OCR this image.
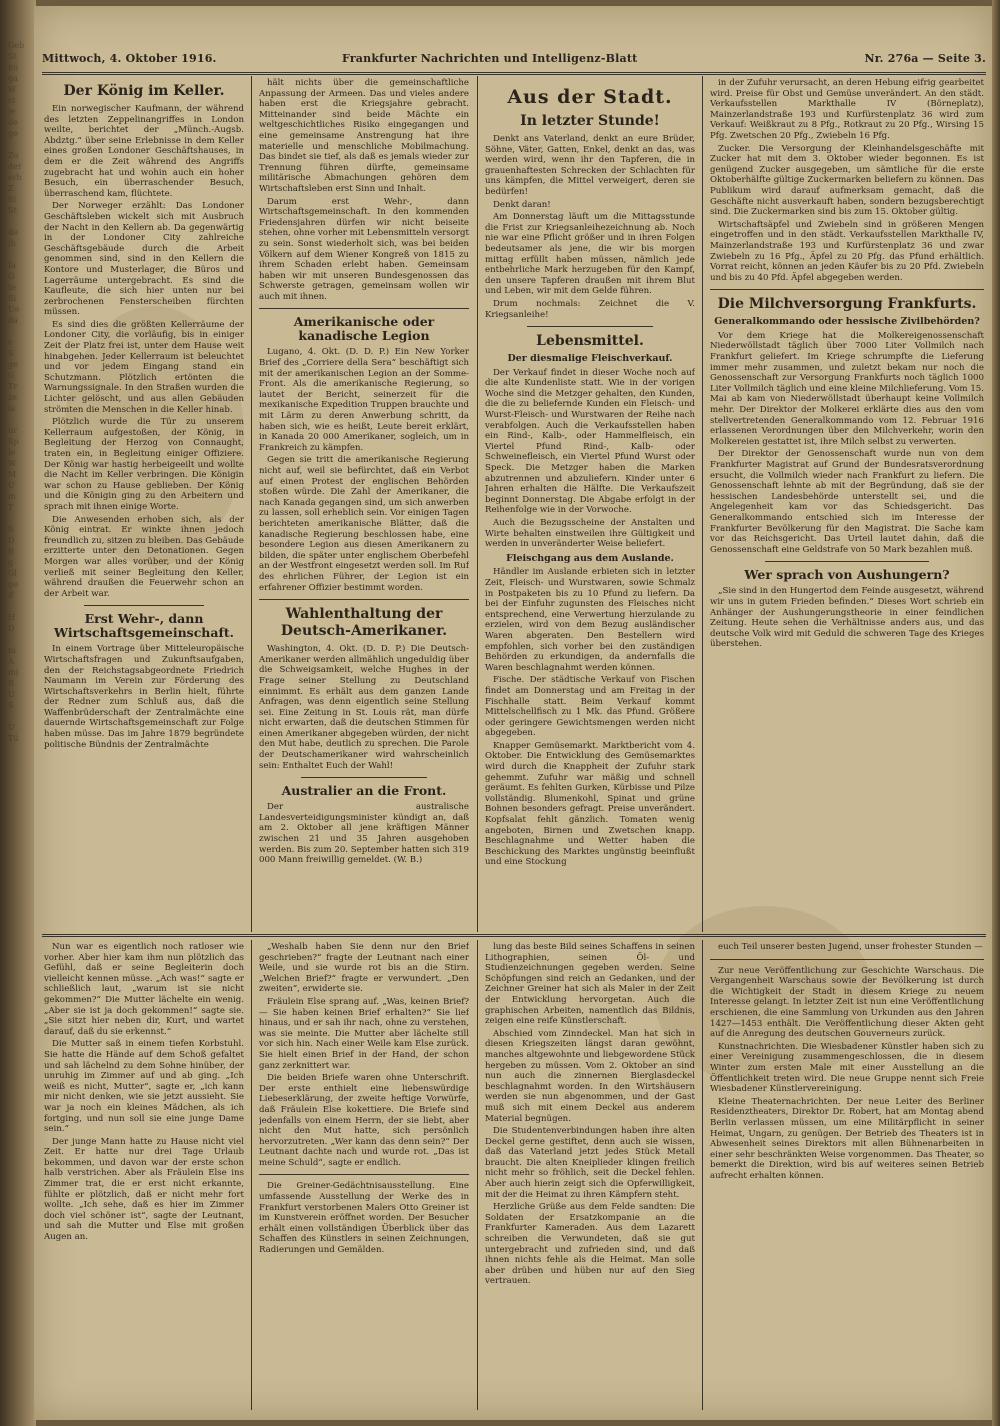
Geb
St
nü
ga
W
st
je
de
ge

Zu
der
erh
Z
Si
St

de
ih

fa
G
te
Si
Ue
da

v
S
ge
G
Tr
ze
la

ur
Sp
le
W
M
U
in
T

fi
D
B
g
Gl
ge
if

H
D

ni
A
mi
R
U
S

U
Tü
Mittwoch, 4. Oktober 1916.	Frankfurter Nachrichten und Intelligenz-Blatt	Nr. 276a — Seite 3.
Der König im Keller.

Ein norwegischer Kaufmann, der während des letzten Zeppelinangriffes in London weilte, berichtet der „Münch.-Augsb. Abdztg.“ über seine Erlebnisse in dem Keller eines großen Londoner Geschäftshauses, in dem er die Zeit während des Angriffs zugebracht hat und wohin auch ein hoher Besuch, ein überraschender Besuch, überraschend kam, flüchtete.

Der Norweger erzählt: Das Londoner Geschäftsleben wickelt sich mit Ausbruch der Nacht in den Kellern ab. Da gegenwärtig in der Londoner City zahlreiche Geschäftsgebäude durch die Arbeit genommen sind, sind in den Kellern die Kontore und Musterlager, die Büros und Lagerräume untergebracht. Es sind die Kaufleute, die sich hier unten nur bei zerbrochenen Fensterscheiben fürchten müssen.

Es sind dies die größten Kellerräume der Londoner City, die vorläufig, bis in einiger Zeit der Platz frei ist, unter dem Hause weit hinabgehen. Jeder Kellerraum ist beleuchtet und vor jedem Eingang stand ein Schutzmann. Plötzlich ertönten die Warnungssignale. In den Straßen wurden die Lichter gelöscht, und aus allen Gebäuden strömten die Menschen in die Keller hinab.

Plötzlich wurde die Tür zu unserem Kellerraum aufgestoßen, der König, in Begleitung der Herzog von Connaught, traten ein, in Begleitung einiger Offiziere. Der König war hastig herbeigeeilt und wollte die Nacht im Keller verbringen. Die Königin war schon zu Hause geblieben. Der König und die Königin ging zu den Arbeitern und sprach mit ihnen einige Worte.

Die Anwesenden erhoben sich, als der König eintrat. Er winkte ihnen jedoch freundlich zu, sitzen zu bleiben. Das Gebäude erzitterte unter den Detonationen. Gegen Morgen war alles vorüber, und der König verließ mit seiner Begleitung den Keller, während draußen die Feuerwehr schon an der Arbeit war.

Erst Wehr-, dann Wirtschaftsgemeinschaft.

In einem Vortrage über Mitteleuropäische Wirtschaftsfragen und Zukunftsaufgaben, den der Reichstagsabgeordnete Friedrich Naumann im Verein zur Förderung des Wirtschaftsverkehrs in Berlin hielt, führte der Redner zum Schluß aus, daß die Waffenbrüderschaft der Zentralmächte eine dauernde Wirtschaftsgemeinschaft zur Folge haben müsse. Das im Jahre 1879 begründete politische Bündnis der Zentralmächte

hält nichts über die gemeinschaftliche Anpassung der Armeen. Das und vieles andere haben erst die Kriegsjahre gebracht. Mitteinander sind beide Mächte ein weltgeschichtliches Risiko eingegangen und eine gemeinsame Anstrengung hat ihre materielle und menschliche Mobilmachung. Das bindet sie tief, als daß es jemals wieder zur Trennung führen dürfte, gemeinsame militärische Abmachungen gehören dem Wirtschaftsleben erst Sinn und Inhalt.

Darum erst Wehr-, dann Wirtschaftsgemeinschaft. In den kommenden Friedensjahren dürfen wir nicht beiseite stehen, ohne vorher mit Lebensmitteln versorgt zu sein. Sonst wiederholt sich, was bei beiden Völkern auf dem Wiener Kongreß von 1815 zu ihrem Schaden erlebt haben. Gemeinsam haben wir mit unseren Bundesgenossen das Schwerste getragen, gemeinsam wollen wir auch mit ihnen.

Amerikanische oder kanadische Legion

Lugano, 4. Okt. (D. D. P.) Ein New Yorker Brief des „Corriere della Sera“ beschäftigt sich mit der amerikanischen Legion an der Somme-Front. Als die amerikanische Regierung, so lautet der Bericht, seinerzeit für die mexikanische Expedition Truppen brauchte und mit Lärm zu deren Anwerbung schritt, da haben sich, wie es heißt, Leute bereit erklärt, in Kanada 20 000 Amerikaner, sogleich, um in Frankreich zu kämpfen.

Gegen sie tritt die amerikanische Regierung nicht auf, weil sie befürchtet, daß ein Verbot auf einen Protest der englischen Behörden stoßen würde. Die Zahl der Amerikaner, die nach Kanada gegangen sind, um sich anwerben zu lassen, soll erheblich sein. Vor einigen Tagen berichteten amerikanische Blätter, daß die kanadische Regierung beschlossen habe, eine besondere Legion aus diesen Amerikanern zu bilden, die später unter englischem Oberbefehl an der Westfront eingesetzt werden soll. Im Ruf des ehrlichen Führer, der Legion ist ein erfahrener Offizier bestimmt worden.

Wahlenthaltung der Deutsch-Amerikaner.

Washington, 4. Okt. (D. D. P.) Die Deutsch-Amerikaner werden allmählich ungeduldig über die Schweigsamkeit, welche Hughes in der Frage seiner Stellung zu Deutschland einnimmt. Es erhält aus dem ganzen Lande Anfragen, was denn eigentlich seine Stellung sei. Eine Zeitung in St. Louis rät, man dürfe nicht erwarten, daß die deutschen Stimmen für einen Amerikaner abgegeben würden, der nicht den Mut habe, deutlich zu sprechen. Die Parole der Deutschamerikaner wird wahrscheinlich sein: Enthaltet Euch der Wahl!

Australier an die Front.

Der australische Landesverteidigungsminister kündigt an, daß am 2. Oktober all jene kräftigen Männer zwischen 21 und 35 Jahren ausgehoben werden. Bis zum 20. September hatten sich 319 000 Mann freiwillig gemeldet. (W. B.)

Aus der Stadt.
In letzter Stunde!

Denkt ans Vaterland, denkt an eure Brüder, Söhne, Väter, Gatten, Enkel, denkt an das, was werden wird, wenn ihr den Tapferen, die in grauenhaftesten Schrecken der Schlachten für uns kämpfen, die Mittel verweigert, deren sie bedürfen!

Denkt daran!

Am Donnerstag läuft um die Mittagsstunde die Frist zur Kriegsanleihezeichnung ab. Noch nie war eine Pflicht größer und in ihren Folgen bedeutsamer als jene, die wir bis morgen mittag erfüllt haben müssen, nämlich jede entbehrliche Mark herzugeben für den Kampf, den unsere Tapferen draußen mit ihrem Blut und Leben, wir mit dem Gelde führen.

Drum nochmals: Zeichnet die V. Kriegsanleihe!

Lebensmittel.
Der diesmalige Fleischverkauf.

Der Verkauf findet in dieser Woche noch auf die alte Kundenliste statt. Wie in der vorigen Woche sind die Metzger gehalten, den Kunden, die die zu beliefernde Kunden ein Fleisch- und Wurst-Fleisch- und Wurstwaren der Reihe nach verabfolgen. Auch die Verkaufsstellen haben ein Rind-, Kalb-, oder Hammelfleisch, ein Viertel Pfund Rind-, Kalb- oder Schweinefleisch, ein Viertel Pfund Wurst oder Speck. Die Metzger haben die Marken abzutrennen und abzuliefern. Kinder unter 6 Jahren erhalten die Hälfte. Die Verkaufszeit beginnt Donnerstag. Die Abgabe erfolgt in der Reihenfolge wie in der Vorwoche.

Auch die Bezugsscheine der Anstalten und Wirte behalten einstweilen ihre Gültigkeit und werden in unveränderter Weise beliefert.

Fleischgang aus dem Auslande.

Händler im Auslande erbieten sich in letzter Zeit, Fleisch- und Wurstwaren, sowie Schmalz in Postpaketen bis zu 10 Pfund zu liefern. Da bei der Einfuhr zugunsten des Fleisches nicht entsprechend, eine Verwertung hierzulande zu erzielen, wird von dem Bezug ausländischer Waren abgeraten. Den Bestellern wird empfohlen, sich vorher bei den zuständigen Behörden zu erkundigen, da andernfalls die Waren beschlagnahmt werden können.

Fische. Der städtische Verkauf von Fischen findet am Donnerstag und am Freitag in der Fischhalle statt. Beim Verkauf kommt Mittelschellfisch zu 1 Mk. das Pfund. Größere oder geringere Gewichtsmengen werden nicht abgegeben.

Knapper Gemüsemarkt. Marktbericht vom 4. Oktober. Die Entwicklung des Gemüsemarktes wird durch die Knappheit der Zufuhr stark gehemmt. Zufuhr war mäßig und schnell geräumt. Es fehlten Gurken, Kürbisse und Pilze vollständig. Blumenkohl, Spinat und grüne Bohnen besonders gefragt. Preise unverändert. Kopfsalat fehlt gänzlich. Tomaten wenig angeboten, Birnen und Zwetschen knapp. Beschlagnahme und Wetter haben die Beschickung des Marktes ungünstig beeinflußt und eine Stockung

in der Zufuhr verursacht, an deren Hebung eifrig gearbeitet wird. Preise für Obst und Gemüse unverändert. An den städt. Verkaufsstellen Markthalle IV (Börneplatz), Mainzerlandstraße 193 und Kurfürstenplatz 36 wird zum Verkauf: Weißkraut zu 8 Pfg., Rotkraut zu 20 Pfg., Wirsing 15 Pfg. Zwetschen 20 Pfg., Zwiebeln 16 Pfg.

Zucker. Die Versorgung der Kleinhandelsgeschäfte mit Zucker hat mit dem 3. Oktober wieder begonnen. Es ist genügend Zucker ausgegeben, um sämtliche für die erste Oktoberhälfte gültige Zuckermarken beliefern zu können. Das Publikum wird darauf aufmerksam gemacht, daß die Geschäfte nicht ausverkauft haben, sondern bezugsberechtigt sind. Die Zuckermarken sind bis zum 15. Oktober gültig.

Wirtschaftsäpfel und Zwiebeln sind in größeren Mengen eingetroffen und in den städt. Verkaufsstellen Markthalle IV, Mainzerlandstraße 193 und Kurfürstenplatz 36 und zwar Zwiebeln zu 16 Pfg., Äpfel zu 20 Pfg. das Pfund erhältlich. Vorrat reicht, können an jeden Käufer bis zu 20 Pfd. Zwiebeln und bis zu 40 Pfd. Äpfel abgegeben werden.

Die Milchversorgung Frankfurts.
Generalkommando oder hessische Zivilbehörden?

Vor dem Kriege hat die Molkereigenossenschaft Niederwöllstadt täglich über 7000 Liter Vollmilch nach Frankfurt geliefert. Im Kriege schrumpfte die Lieferung immer mehr zusammen, und zuletzt bekam nur noch die Genossenschaft zur Versorgung Frankfurts noch täglich 1000 Liter Vollmilch täglich und eine kleine Milchlieferung. Vom 15. Mai ab kam von Niederwöllstadt überhaupt keine Vollmilch mehr. Der Direktor der Molkerei erklärte dies aus den vom stellvertretenden Generalkommando vom 12. Februar 1916 erlassenen Verordnungen über den Milchverkehr, worin den Molkereien gestattet ist, ihre Milch selbst zu verwerten.

Der Direktor der Genossenschaft wurde nun von dem Frankfurter Magistrat auf Grund der Bundesratsverordnung ersucht, die Vollmilch wieder nach Frankfurt zu liefern. Die Genossenschaft lehnte ab mit der Begründung, daß sie der hessischen Landesbehörde unterstellt sei, und die Angelegenheit kam vor das Schiedsgericht. Das Generalkommando entschied sich im Interesse der Frankfurter Bevölkerung für den Magistrat. Die Sache kam vor das Reichsgericht. Das Urteil lautet dahin, daß die Genossenschaft eine Geldstrafe von 50 Mark bezahlen muß.

Wer sprach von Aushungern?

„Sie sind in den Hungertod dem Feinde ausgesetzt, während wir uns in gutem Frieden befinden.“ Dieses Wort schrieb ein Anhänger der Aushungerungstheorie in einer feindlichen Zeitung. Heute sehen die Verhältnisse anders aus, und das deutsche Volk wird mit Geduld die schweren Tage des Krieges überstehen.

Nun war es eigentlich noch ratloser wie vorher. Aber hier kam ihm nun plötzlich das Gefühl, daß er seine Begleiterin doch vielleicht kennen müsse. „Ach was!“ sagte er schließlich laut, „warum ist sie nicht gekommen?“ Die Mutter lächelte ein wenig. „Aber sie ist ja doch gekommen!“ sagte sie. „Sie sitzt hier neben dir, Kurt, und wartet darauf, daß du sie erkennst.“

Die Mutter saß in einem tiefen Korbstuhl. Sie hatte die Hände auf dem Schoß gefaltet und sah lächelnd zu dem Sohne hinüber, der unruhig im Zimmer auf und ab ging. „Ich weiß es nicht, Mutter“, sagte er, „ich kann mir nicht denken, wie sie jetzt aussieht. Sie war ja noch ein kleines Mädchen, als ich fortging, und nun soll sie eine junge Dame sein.“

Der junge Mann hatte zu Hause nicht viel Zeit. Er hatte nur drei Tage Urlaub bekommen, und davon war der erste schon halb verstrichen. Aber als Fräulein Else ins Zimmer trat, die er erst nicht erkannte, fühlte er plötzlich, daß er nicht mehr fort wollte. „Ich sehe, daß es hier im Zimmer doch viel schöner ist“, sagte der Leutnant, und sah die Mutter und Else mit großen Augen an.

„Weshalb haben Sie denn nur den Brief geschrieben?“ fragte der Leutnant nach einer Weile, und sie wurde rot bis an die Stirn. „Welchen Brief?“ fragte er verwundert. „Den zweiten“, erwiderte sie.

Fräulein Else sprang auf. „Was, keinen Brief? — Sie haben keinen Brief erhalten?“ Sie lief hinaus, und er sah ihr nach, ohne zu verstehen, was sie meinte. Die Mutter aber lächelte still vor sich hin. Nach einer Weile kam Else zurück. Sie hielt einen Brief in der Hand, der schon ganz zerknittert war.

Die beiden Briefe waren ohne Unterschrift. Der erste enthielt eine liebenswürdige Liebeserklärung, der zweite heftige Vorwürfe, daß Fräulein Else kokettiere. Die Briefe sind jedenfalls von einem Herrn, der sie liebt, aber nicht den Mut hatte, sich persönlich hervorzutreten. „Wer kann das denn sein?“ Der Leutnant dachte nach und wurde rot. „Das ist meine Schuld“, sagte er endlich.

Die Greiner-Gedächtnisausstellung. Eine umfassende Ausstellung der Werke des in Frankfurt verstorbenen Malers Otto Greiner ist im Kunstverein eröffnet worden. Der Besucher erhält einen vollständigen Überblick über das Schaffen des Künstlers in seinen Zeichnungen, Radierungen und Gemälden.

lung das beste Bild seines Schaffens in seinen Lithographien, seinen Öl- und Studienzeichnungen gegeben werden. Seine Schöpfungen sind reich an Gedanken, und der Zeichner Greiner hat sich als Maler in der Zeit der Entwicklung hervorgetan. Auch die graphischen Arbeiten, namentlich das Bildnis, zeigen eine reife Künstlerschaft.

Abschied vom Zinndeckel. Man hat sich in diesen Kriegszeiten längst daran gewöhnt, manches altgewohnte und liebgewordene Stück hergeben zu müssen. Vom 2. Oktober an sind nun auch die zinnernen Bierglasdeckel beschlagnahmt worden. In den Wirtshäusern werden sie nun abgenommen, und der Gast muß sich mit einem Deckel aus anderem Material begnügen.

Die Studentenverbindungen haben ihre alten Deckel gerne gestiftet, denn auch sie wissen, daß das Vaterland jetzt jedes Stück Metall braucht. Die alten Kneiplieder klingen freilich nicht mehr so fröhlich, seit die Deckel fehlen. Aber auch hierin zeigt sich die Opferwilligkeit, mit der die Heimat zu ihren Kämpfern steht.

Herzliche Grüße aus dem Felde sandten: Die Soldaten der Ersatzkompanie an die Frankfurter Kameraden. Aus dem Lazarett schreiben die Verwundeten, daß sie gut untergebracht und zufrieden sind, und daß ihnen nichts fehle als die Heimat. Man solle aber drüben und hüben nur auf den Sieg vertrauen.

euch Teil unserer besten Jugend, unser frohester Stunden —

Zur neue Veröffentlichung zur Geschichte Warschaus. Die Vergangenheit Warschaus sowie der Bevölkerung ist durch die Wichtigkeit der Stadt in diesem Kriege zu neuem Interesse gelangt. In letzter Zeit ist nun eine Veröffentlichung erschienen, die eine Sammlung von Urkunden aus den Jahren 1427—1453 enthält. Die Veröffentlichung dieser Akten geht auf die Anregung des deutschen Gouverneurs zurück.

Kunstnachrichten. Die Wiesbadener Künstler haben sich zu einer Vereinigung zusammengeschlossen, die in diesem Winter zum ersten Male mit einer Ausstellung an die Öffentlichkeit treten wird. Die neue Gruppe nennt sich Freie Wiesbadener Künstlervereinigung.

Kleine Theaternachrichten. Der neue Leiter des Berliner Residenztheaters, Direktor Dr. Robert, hat am Montag abend Berlin verlassen müssen, um eine Militärpflicht in seiner Heimat, Ungarn, zu genügen. Der Betrieb des Theaters ist in Abwesenheit seines Direktors mit allen Bühnenarbeiten in einer sehr beschränkten Weise vorgenommen. Das Theater, so bemerkt die Direktion, wird bis auf weiteres seinen Betrieb aufrecht erhalten können.
